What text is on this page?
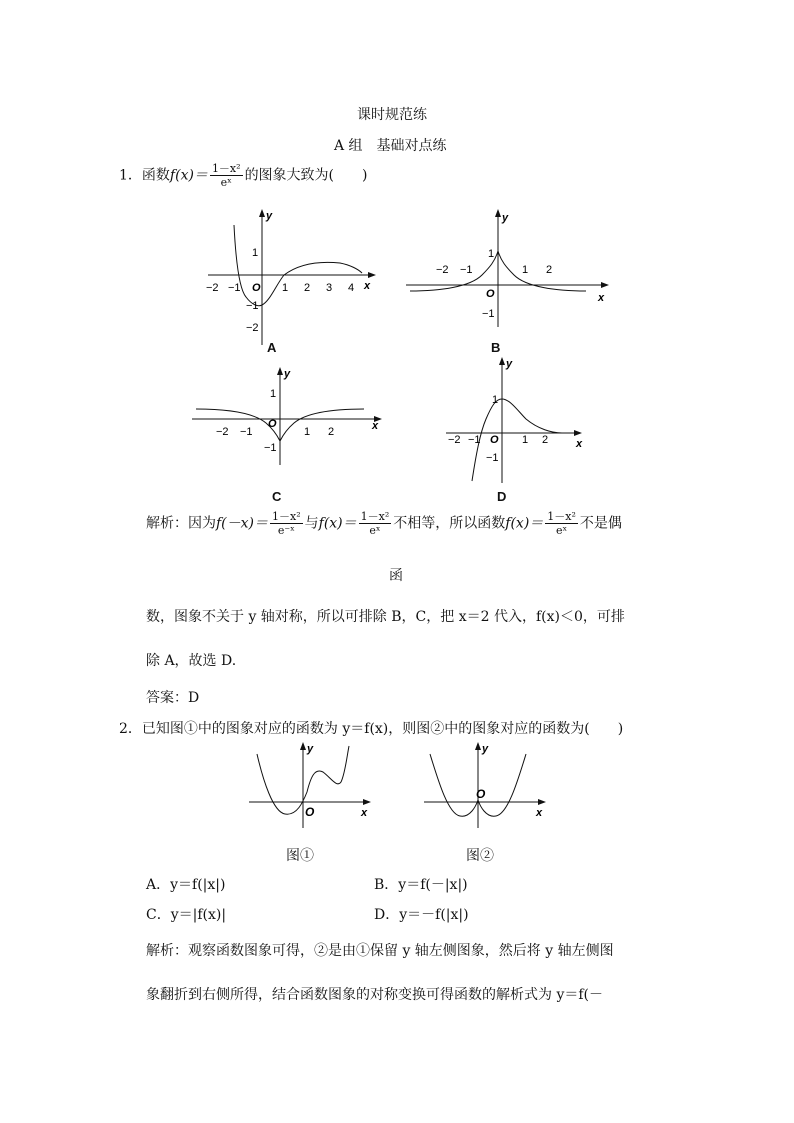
课时规范练
A 组　基础对点练
1．函数$f(x)= \frac{\text{1－x²}}{\text{eˣ}}$ 的图象大致为(　　)
y
x
−2 −1 O 1 2 3 4
1
−1
−2
A
y
x
−2 −1	1 2
O
1
−1
B
y
x
−2 −1
O
1 2
1
−1
C
y
x
−2 −1 O 1 2
1
−1
D
解析：因为$f(-x)= \frac{\text{1－x²}}{\text{e⁻ˣ}}$ 与$f(x)= \frac{\text{1－x²}}{\text{eˣ}}$ 不相等，所以函数$f(x)= \frac{\text{1－x²}}{\text{eˣ}}$ 不是偶
函
数，图象不关于 y 轴对称，所以可排除 B，C，把 x＝2 代入，f(x)＜0，可排
除 A，故选 D.
答案：D
2．已知图①中的图象对应的函数为 y＝f(x)，则图②中的图象对应的函数为(　　)
y
x
O
图①
y
x
O
图②
A．y＝f(|x|)	B．y＝f(－|x|)
C．y＝|f(x)|	D．y＝－f(|x|)
解析：观察函数图象可得，②是由①保留 y 轴左侧图象，然后将 y 轴左侧图
象翻折到右侧所得，结合函数图象的对称变换可得函数的解析式为 y＝f(－
